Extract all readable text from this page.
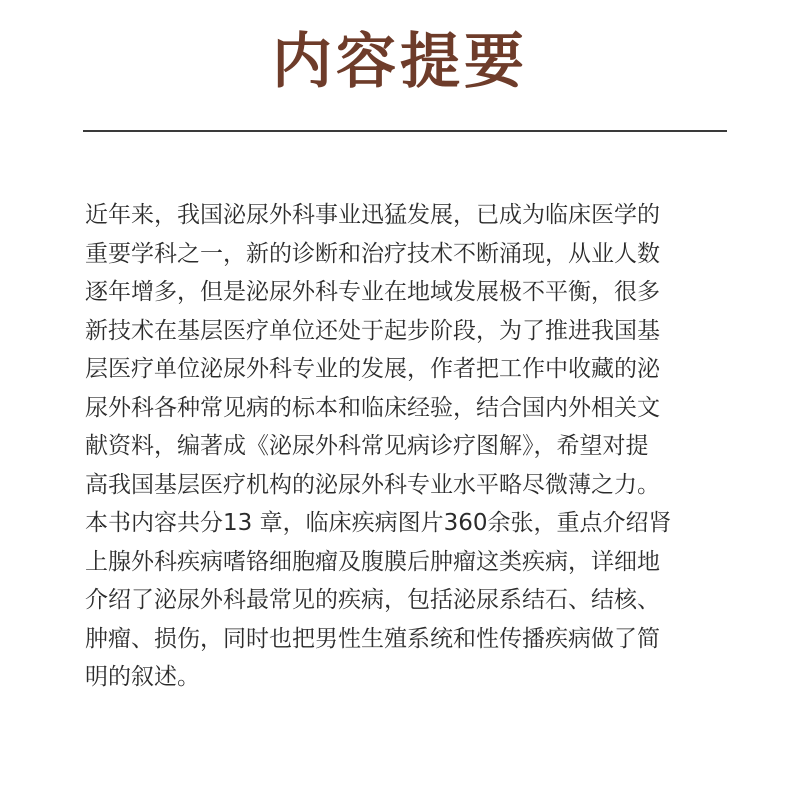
内容提要
近年来，我国泌尿外科事业迅猛发展，已成为临床医学的
重要学科之一，新的诊断和治疗技术不断涌现，从业人数
逐年增多，但是泌尿外科专业在地域发展极不平衡，很多
新技术在基层医疗单位还处于起步阶段，为了推进我国基
层医疗单位泌尿外科专业的发展，作者把工作中收藏的泌
尿外科各种常见病的标本和临床经验，结合国内外相关文
献资料，编著成《泌尿外科常见病诊疗图解》，希望对提
高我国基层医疗机构的泌尿外科专业水平略尽微薄之力。
本书内容共分13 章，临床疾病图片360余张，重点介绍肾
上腺外科疾病嗜铬细胞瘤及腹膜后肿瘤这类疾病，详细地
介绍了泌尿外科最常见的疾病，包括泌尿系结石、结核、
肿瘤、损伤，同时也把男性生殖系统和性传播疾病做了简
明的叙述。
